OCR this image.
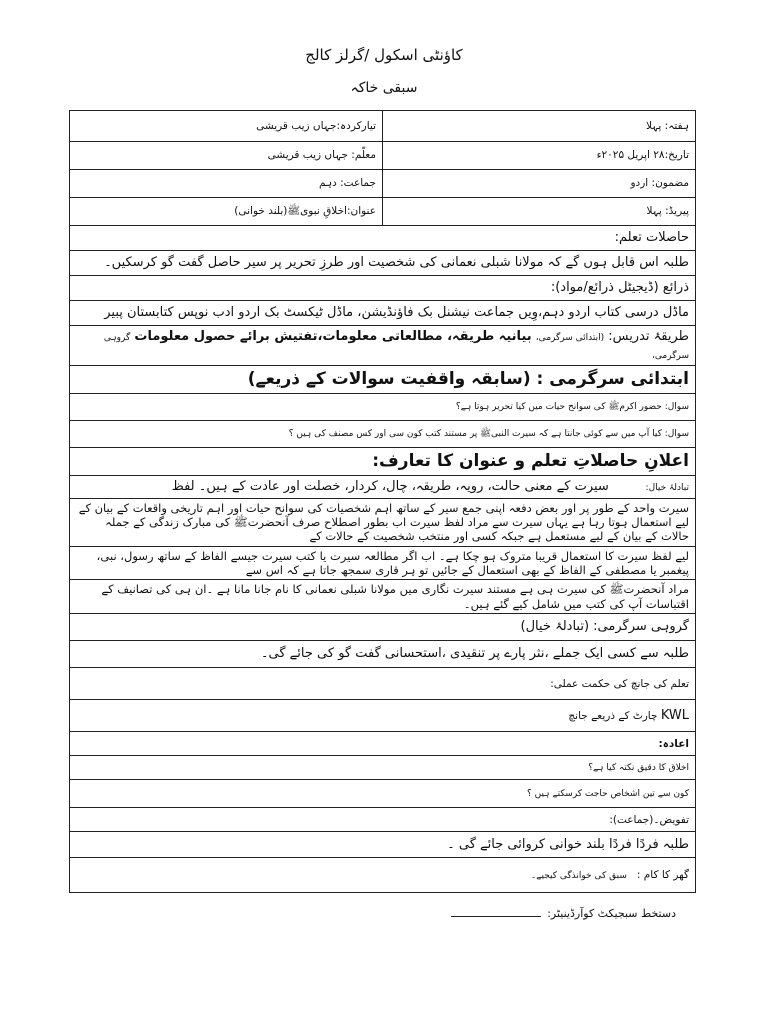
کاؤنٹی اسکول /گرلز کالج
سبقی خاکہ
ہفتہ: پہلا	تیارکردہ:جہاں زیب قریشی
تاریخ:۲۸ اپریل ۲۰۲۵ء	معلّم: جہاں زیب قریشی
مضمون: اردو	جماعت: دہم
پیریڈ: پہلا	عنوان:اخلاقِ نبویﷺ(بلند خوانی)
حاصلات تعلم:	
طلبہ اس قابل ہوں گے کہ مولانا شبلی نعمانی کی شخصیت اور طرزِ تحریر پر سیر حاصل گفت گو کرسکیں۔	
ذرائع (ڈیجیٹل ذرائع/مواد):	
ماڈل درسی کتاب اردو دہم،وِیں جماعت نیشنل بک فاؤنڈیشن، ماڈل ٹیکسٹ بک اردو ادب نوپس کتابستان پبیر	
طریقۂ تدریس: (ابتدائی سرگرمی، بیانیہ طریقہ، مطالعاتی معلومات،تفتیش برائے حصول معلومات گروہی سرگرمی،	
ابتدائی سرگرمی : (سابقہ واقفیت سوالات کے ذریعے)	
سوال: حضور اکرمﷺ کی سوانح حیات میں کیا تحریر ہوتا ہے؟	
سوال: کیا آپ میں سے کوئی جانتا ہے کہ سیرت النبیﷺ پر مستند کتب کون سی اور کس مصنف کی ہیں ؟	
اعلانِ حاصلاتِ تعلم و عنوان کا تعارف:	
تبادلۂ خیال:           سیرت کے معنی حالت، رویہ، طریقہ، چال، کردار، خصلت اور عادت کے ہیں۔ لفظ	
سیرت واحد کے طور پر اور بعض دفعہ اپنی جمع سیر کے ساتھ اہم شخصیات کی سوانح حیات اور اہم تاریخی واقعات کے بیان کے لیے استعمال ہوتا رہا ہے یہاں سیرت سے مراد لفظ سیرت اب بطور اصطلاح صرف آنحضرتﷺ کی مبارک زندگی کے جملہ حالات کے بیان کے لیے مستعمل ہے جبکہ کسی اور منتخب شخصیت کے حالات کے	
لیے لفظ سیرت کا استعمال قریبا متروک ہو چکا ہے۔ اب اگر مطالعہ سیرت یا کتب سیرت جیسے الفاظ کے ساتھ رسول، نبی، پیغمبر یا مصطفی کے الفاظ کے بھی استعمال کے جائیں تو ہر قاری سمجھ جاتا ہے کہ اس سے	
مراد آنحضرتﷺ کی سیرت ہی ہے مستند سیرت نگاری میں مولانا شبلی نعمانی کا نام جانا مانا ہے ۔ان ہی کی تصانیف کے اقتباسات آپ کی کتب میں شامل کیے گئے ہیں۔	
گروہی سرگرمی: (تبادلۂ خیال)	
طلبہ سے کسی ایک جملے ،نثر پارے پر تنقیدی ،استحسانی گفت گو کی جائے گی۔	
تعلم کی جانچ کی حکمت عملی:	
KWL چارٹ کے ذریعے جانچ	
اعادہ:	
اخلاق کا دقیق نکتہ کیا ہے؟	
کون سے تین اشخاص حاجت کرسکتے ہیں ؟	
تفویض۔(جماعت):	
طلبہ فردًا فردًا بلند خوانی کروائی جائے گی ۔	
گھر کا کام :   سبق کی خوانذگی کیجیے۔	
دستخط سبجیکٹ کوآرڈینیٹر:
